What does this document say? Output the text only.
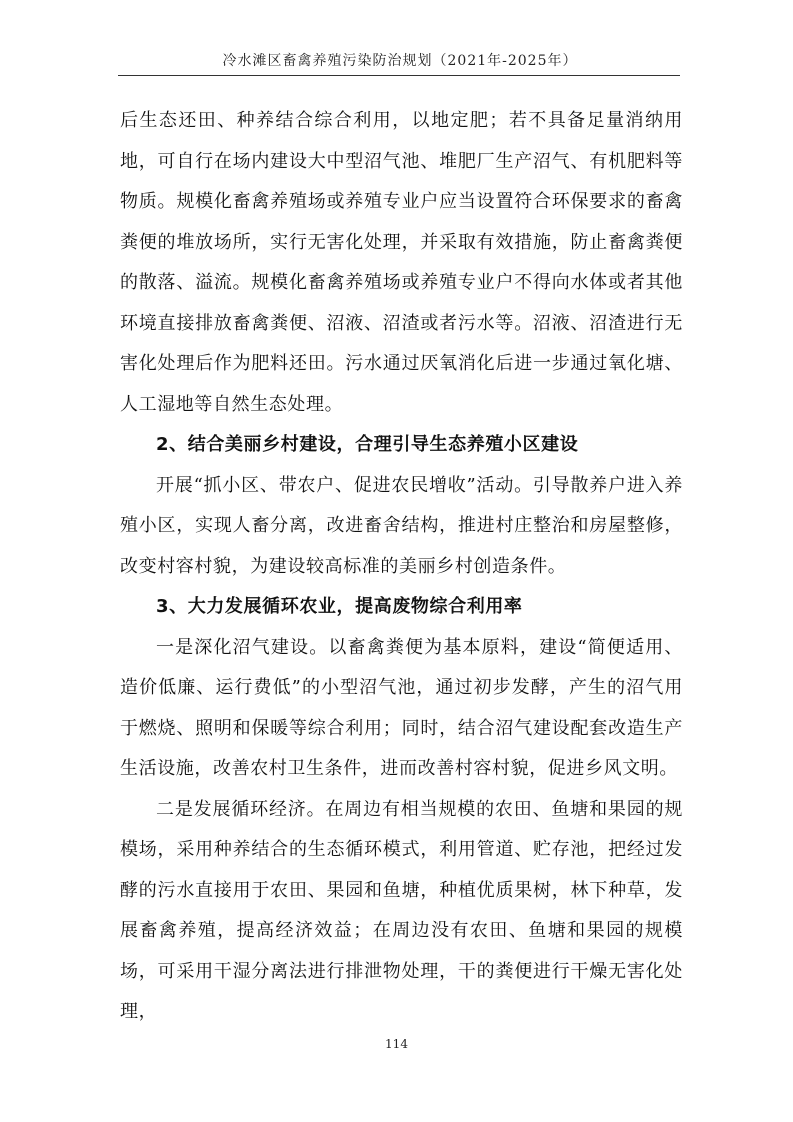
冷水滩区畜禽养殖污染防治规划（2021年-2025年）

后生态还田、种养结合综合利用，以地定肥；若不具备足量消纳用地，可自行在场内建设大中型沼气池、堆肥厂生产沼气、有机肥料等物质。规模化畜禽养殖场或养殖专业户应当设置符合环保要求的畜禽粪便的堆放场所，实行无害化处理，并采取有效措施，防止畜禽粪便的散落、溢流。规模化畜禽养殖场或养殖专业户不得向水体或者其他环境直接排放畜禽粪便、沼液、沼渣或者污水等。沼液、沼渣进行无害化处理后作为肥料还田。污水通过厌氧消化后进一步通过氧化塘、人工湿地等自然生态处理。

2、结合美丽乡村建设，合理引导生态养殖小区建设

开展“抓小区、带农户、促进农民增收”活动。引导散养户进入养殖小区，实现人畜分离，改进畜舍结构，推进村庄整治和房屋整修，改变村容村貌，为建设较高标准的美丽乡村创造条件。

3、大力发展循环农业，提高废物综合利用率

一是深化沼气建设。以畜禽粪便为基本原料，建设“简便适用、造价低廉、运行费低”的小型沼气池，通过初步发酵，产生的沼气用于燃烧、照明和保暖等综合利用；同时，结合沼气建设配套改造生产生活设施，改善农村卫生条件，进而改善村容村貌，促进乡风文明。

二是发展循环经济。在周边有相当规模的农田、鱼塘和果园的规模场，采用种养结合的生态循环模式，利用管道、贮存池，把经过发酵的污水直接用于农田、果园和鱼塘，种植优质果树，林下种草，发展畜禽养殖，提高经济效益；在周边没有农田、鱼塘和果园的规模场，可采用干湿分离法进行排泄物处理，干的粪便进行干燥无害化处理，

114
